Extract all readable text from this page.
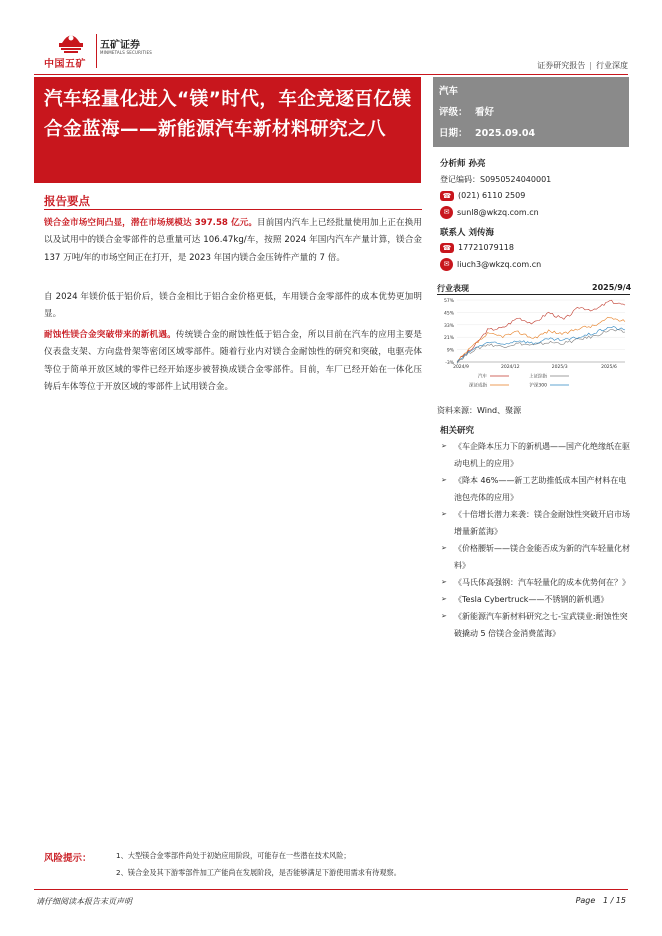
中国五矿
五矿证券
MINMETALS SECURITIES
证券研究报告 | 行业深度
汽车轻量化进入“镁”时代，车企竞逐百亿镁合金蓝海——新能源汽车新材料研究之八
汽车
评级： 看好
日期： 2025.09.04
报告要点
镁合金市场空间凸显，潜在市场规模达 397.58 亿元。目前国内汽车上已经批量使用加上正在换用以及试用中的镁合金零部件的总重量可达 106.47kg/车，按照 2024 年国内汽车产量计算，镁合金 137 万吨/年的市场空间正在打开，是 2023 年国内镁合金压铸件产量的 7 倍。
自 2024 年镁价低于铝价后，镁合金相比于铝合金价格更低，车用镁合金零部件的成本优势更加明显。
耐蚀性镁合金突破带来的新机遇。传统镁合金的耐蚀性低于铝合金，所以目前在汽车的应用主要是仪表盘支架、方向盘骨架等密闭区域零部件。随着行业内对镁合金耐蚀性的研究和突破，电驱壳体等位于简单开放区域的零件已经开始逐步被替换成镁合金零部件。目前，车厂已经开始在一体化压铸后车体等位于开放区域的零部件上试用镁合金。
分析师 孙亮
登记编码：S0950524040001
☎ (021) 6110 2509
✉ sunl8@wkzq.com.cn
联系人 刘传海
☎ 17721079118
✉ liuch3@wkzq.com.cn
行业表现	2025/9/4
57%
45%
33%
21%
9%
-3%
2024/9	2024/12	2025/3	2025/6
汽车	上证综指
深证成指	沪深300
资料来源：Wind、聚源
相关研究
➢ 《车企降本压力下的新机遇——国产化绝缘纸在驱动电机上的应用》
➢ 《降本 46%——新工艺助推低成本国产材料在电池包壳体的应用》
➢ 《十倍增长潜力来袭：镁合金耐蚀性突破开启市场增量新蓝海》
➢ 《价格腰斩——镁合金能否成为新的汽车轻量化材料》
➢ 《马氏体高强钢：汽车轻量化的成本优势何在？》
➢ 《Tesla Cybertruck——不锈钢的新机遇》
➢ 《新能源汽车新材料研究之七-宝武镁业:耐蚀性突破撬动 5 倍镁合金消费蓝海》
风险提示：	1、大型镁合金零部件尚处于初始应用阶段，可能存在一些潜在技术风险；
2、镁合金及其下游零部件加工产能尚在发展阶段，是否能够满足下游使用需求有待观察。
请仔细阅读本报告末页声明	Page 1 / 15
